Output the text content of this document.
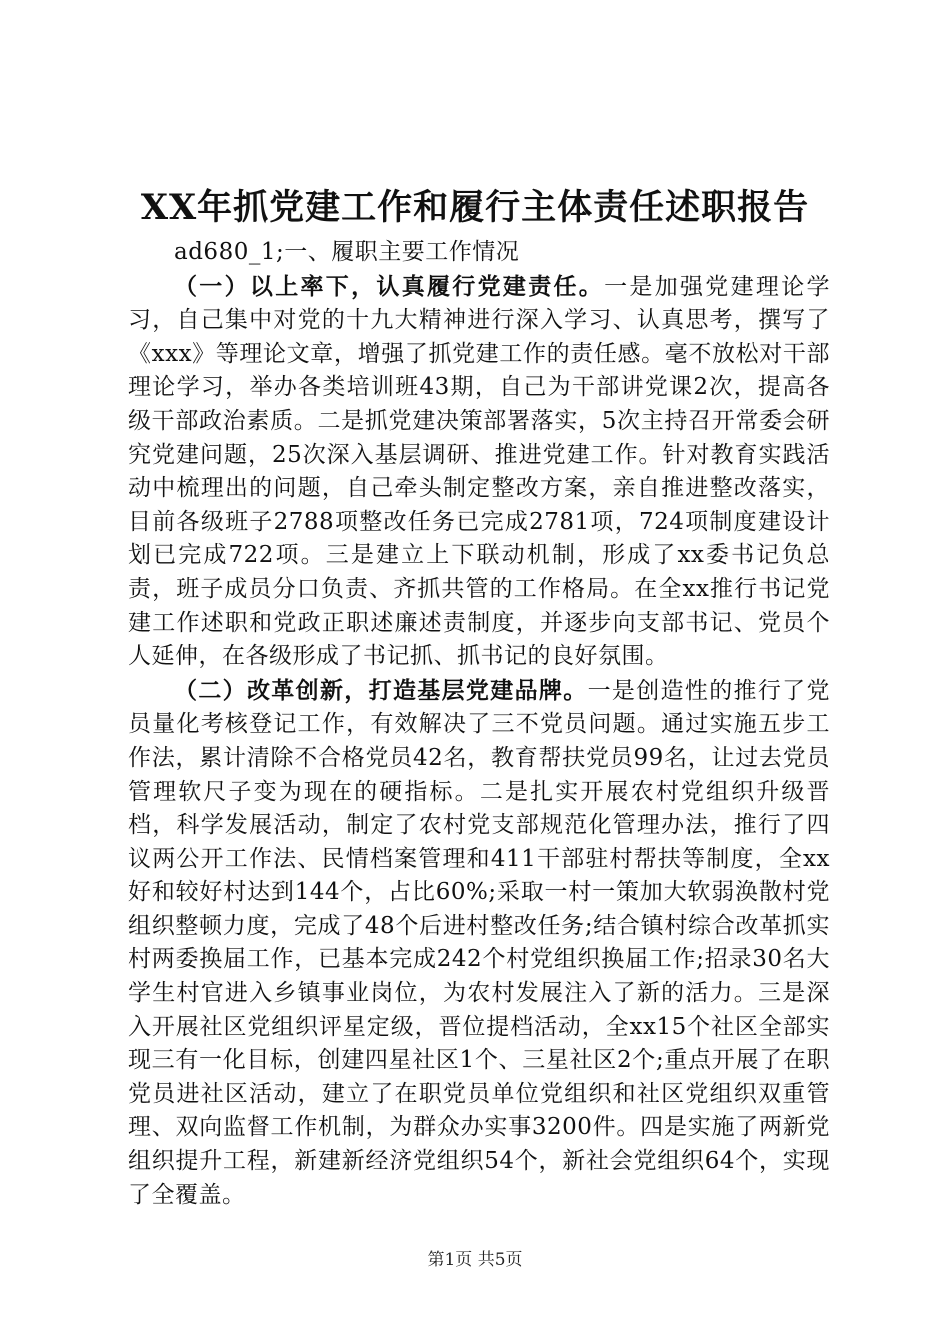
XX年抓党建工作和履行主体责任述职报告

ad680_1;一、履职主要工作情况

（一）以上率下，认真履行党建责任。一是加强党建理论学习，自己集中对党的十九大精神进行深入学习、认真思考，撰写了《xxx》等理论文章，增强了抓党建工作的责任感。毫不放松对干部理论学习，举办各类培训班43期，自己为干部讲党课2次，提高各级干部政治素质。二是抓党建决策部署落实，5次主持召开常委会研究党建问题，25次深入基层调研、推进党建工作。针对教育实践活动中梳理出的问题，自己牵头制定整改方案，亲自推进整改落实，目前各级班子2788项整改任务已完成2781项，724项制度建设计划已完成722项。三是建立上下联动机制，形成了xx委书记负总责，班子成员分口负责、齐抓共管的工作格局。在全xx推行书记党建工作述职和党政正职述廉述责制度，并逐步向支部书记、党员个人延伸，在各级形成了书记抓、抓书记的良好氛围。

（二）改革创新，打造基层党建品牌。一是创造性的推行了党员量化考核登记工作，有效解决了三不党员问题。通过实施五步工作法，累计清除不合格党员42名，教育帮扶党员99名，让过去党员管理软尺子变为现在的硬指标。二是扎实开展农村党组织升级晋档，科学发展活动，制定了农村党支部规范化管理办法，推行了四议两公开工作法、民情档案管理和411干部驻村帮扶等制度，全xx好和较好村达到144个，占比60%;采取一村一策加大软弱涣散村党组织整顿力度，完成了48个后进村整改任务;结合镇村综合改革抓实村两委换届工作，已基本完成242个村党组织换届工作;招录30名大学生村官进入乡镇事业岗位，为农村发展注入了新的活力。三是深入开展社区党组织评星定级，晋位提档活动，全xx15个社区全部实现三有一化目标，创建四星社区1个、三星社区2个;重点开展了在职党员进社区活动，建立了在职党员单位党组织和社区党组织双重管理、双向监督工作机制，为群众办实事3200件。四是实施了两新党组织提升工程，新建新经济党组织54个，新社会党组织64个，实现了全覆盖。

第1页 共5页
